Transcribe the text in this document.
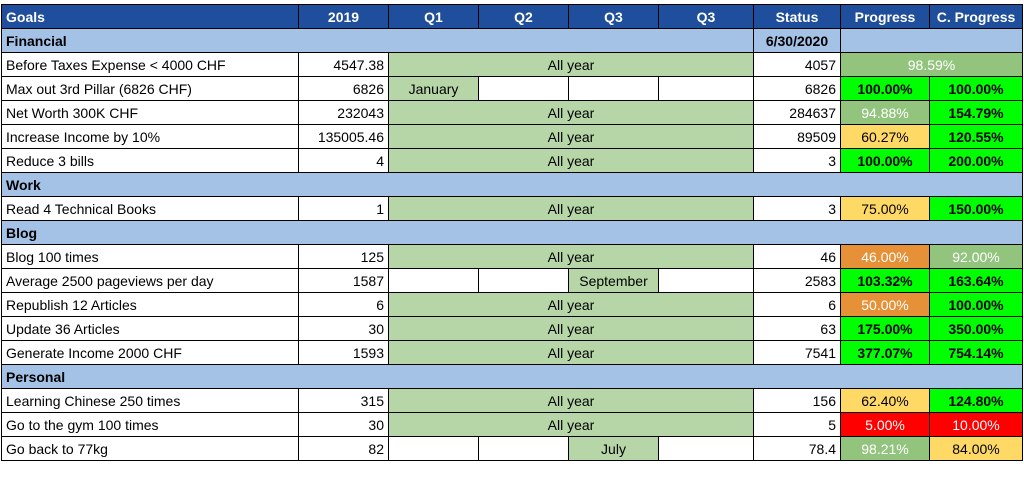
Goals	2019	Q1	Q2	Q3	Q3	Status	Progress	C. Progress
Financial						6/30/2020		
Before Taxes Expense < 4000 CHF	4547.38	All year				4057	98.59%	
Max out 3rd Pillar (6826 CHF)	6826	January				6826	100.00%	100.00%
Net Worth 300K CHF	232043	All year				284637	94.88%	154.79%
Increase Income by 10%	135005.46	All year				89509	60.27%	120.55%
Reduce 3 bills	4	All year				3	100.00%	200.00%
Work								
Read 4 Technical Books	1	All year				3	75.00%	150.00%
Blog								
Blog 100 times	125	All year				46	46.00%	92.00%
Average 2500 pageviews per day	1587			September		2583	103.32%	163.64%
Republish 12 Articles	6	All year				6	50.00%	100.00%
Update 36 Articles	30	All year				63	175.00%	350.00%
Generate Income 2000 CHF	1593	All year				7541	377.07%	754.14%
Personal								
Learning Chinese 250 times	315	All year				156	62.40%	124.80%
Go to the gym 100 times	30	All year				5	5.00%	10.00%
Go back to 77kg	82			July		78.4	98.21%	84.00%
